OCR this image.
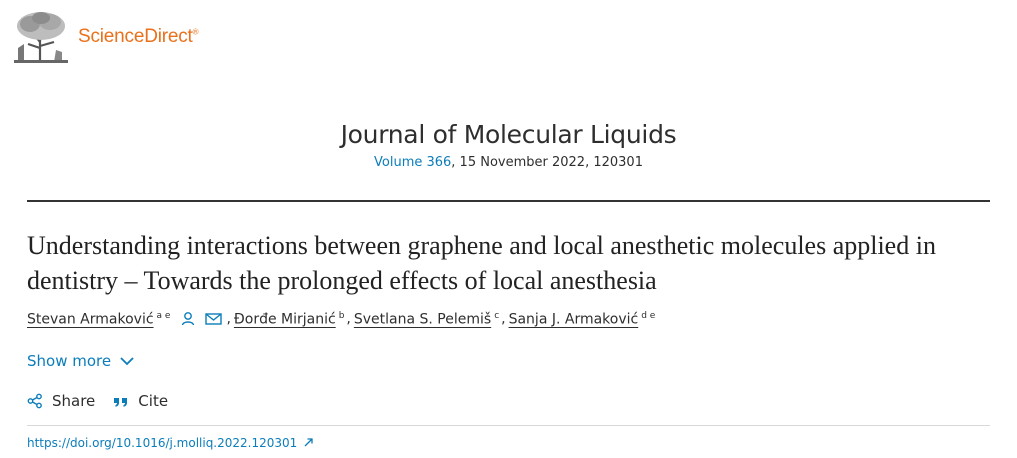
ScienceDirect®
Journal of Molecular Liquids
Volume 366, 15 November 2022, 120301
Understanding interactions between graphene and local anesthetic molecules applied in dentistry – Towards the prolonged effects of local anesthesia
Stevan Armaković $^{a e}$	, Đorđe Mirjanić $^b$ , Svetlana S. Pelemiš $^c$ , Sanja J. Armaković $^{d e}$
Show more
Share	Cite
https://doi.org/10.1016/j.molliq.2022.120301
